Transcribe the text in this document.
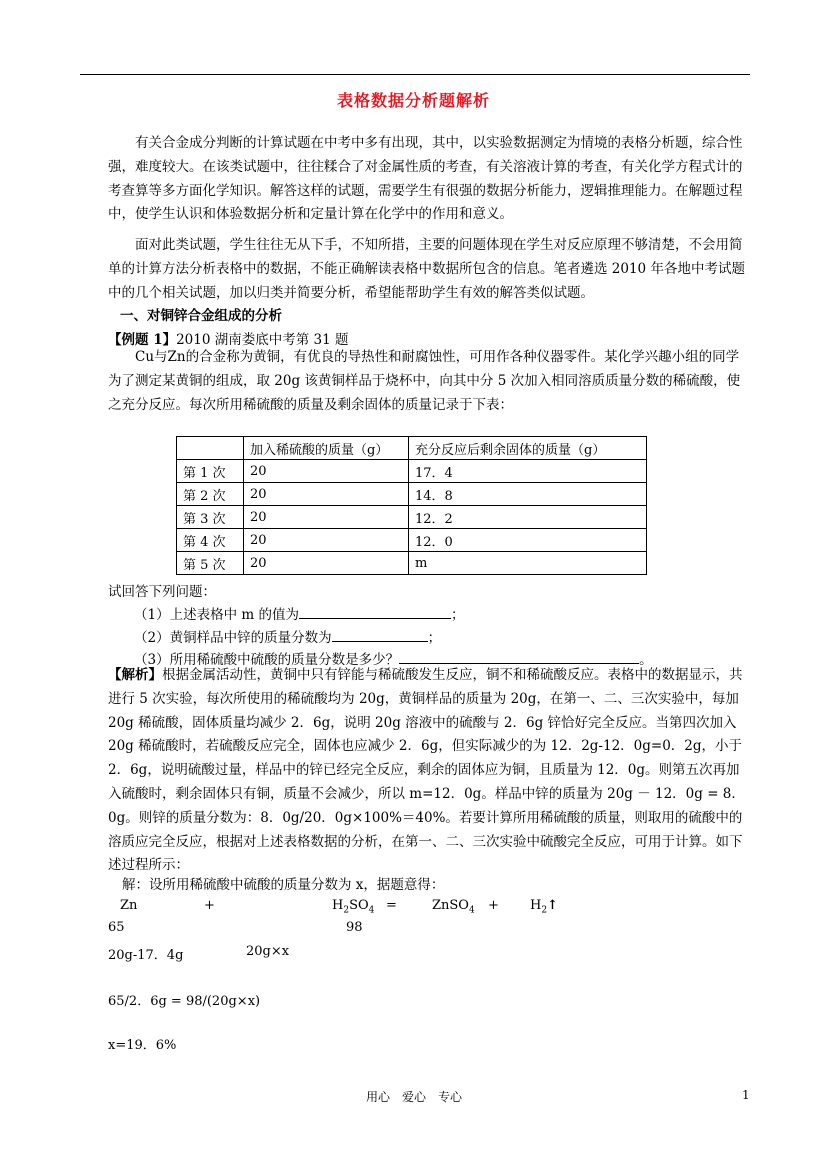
表格数据分析题解析
有关合金成分判断的计算试题在中考中多有出现，其中，以实验数据测定为情境的表格分析题，综合性强，难度较大。在该类试题中，往往糅合了对金属性质的考查，有关溶液计算的考查，有关化学方程式计的考查算等多方面化学知识。解答这样的试题，需要学生有很强的数据分析能力，逻辑推理能力。在解题过程中，使学生认识和体验数据分析和定量计算在化学中的作用和意义。
面对此类试题，学生往往无从下手，不知所措，主要的问题体现在学生对反应原理不够清楚，不会用简单的计算方法分析表格中的数据，不能正确解读表格中数据所包含的信息。笔者遴选 2010 年各地中考试题中的几个相关试题，加以归类并简要分析，希望能帮助学生有效的解答类似试题。
一、对铜锌合金组成的分析
【例题 1】2010 湖南娄底中考第 31 题
Cu与Zn的合金称为黄铜，有优良的导热性和耐腐蚀性，可用作各种仪器零件。某化学兴趣小组的同学为了测定某黄铜的组成，取 20g 该黄铜样品于烧杯中，向其中分 5 次加入相同溶质质量分数的稀硫酸，使之充分反应。每次所用稀硫酸的质量及剩余固体的质量记录于下表：
	加入稀硫酸的质量（g）	充分反应后剩余固体的质量（g）
第 1 次	20	17．4
第 2 次	20	14．8
第 3 次	20	12．2
第 4 次	20	12．0
第 5 次	20	m
试回答下列问题：
（1）上述表格中 m 的值为	；
（2）黄铜样品中锌的质量分数为	；
（3）所用稀硫酸中硫酸的质量分数是多少？	。
【解析】根据金属活动性，黄铜中只有锌能与稀硫酸发生反应，铜不和稀硫酸反应。表格中的数据显示，共进行 5 次实验，每次所使用的稀硫酸均为 20g，黄铜样品的质量为 20g，在第一、二、三次实验中，每加 20g 稀硫酸，固体质量均减少 2．6g，说明 20g 溶液中的硫酸与 2．6g 锌恰好完全反应。当第四次加入 20g 稀硫酸时，若硫酸反应完全，固体也应减少 2．6g，但实际减少的为 12．2g-12．0g=0．2g，小于 2．6g，说明硫酸过量，样品中的锌已经完全反应，剩余的固体应为铜，且质量为 12．0g。则第五次再加入硫酸时，剩余固体只有铜，质量不会减少，所以 m=12．0g。样品中锌的质量为 20g － 12．0g = 8．0g。则锌的质量分数为：8．0g/20．0g×100%＝40%。若要计算所用稀硫酸的质量，则取用的硫酸中的溶质应完全反应，根据对上述表格数据的分析，在第一、二、三次实验中硫酸完全反应，可用于计算。如下述过程所示：
解：设所用稀硫酸中硫酸的质量分数为 x，据题意得：
Zn	+	$H_2SO_4$ =	ZnSO$_4$ + $H_2↑$
65	98
20g-17．4g	20g×x
65/2．6g = 98/(20g×x)
x=19．6%
用心　爱心　专心	1
